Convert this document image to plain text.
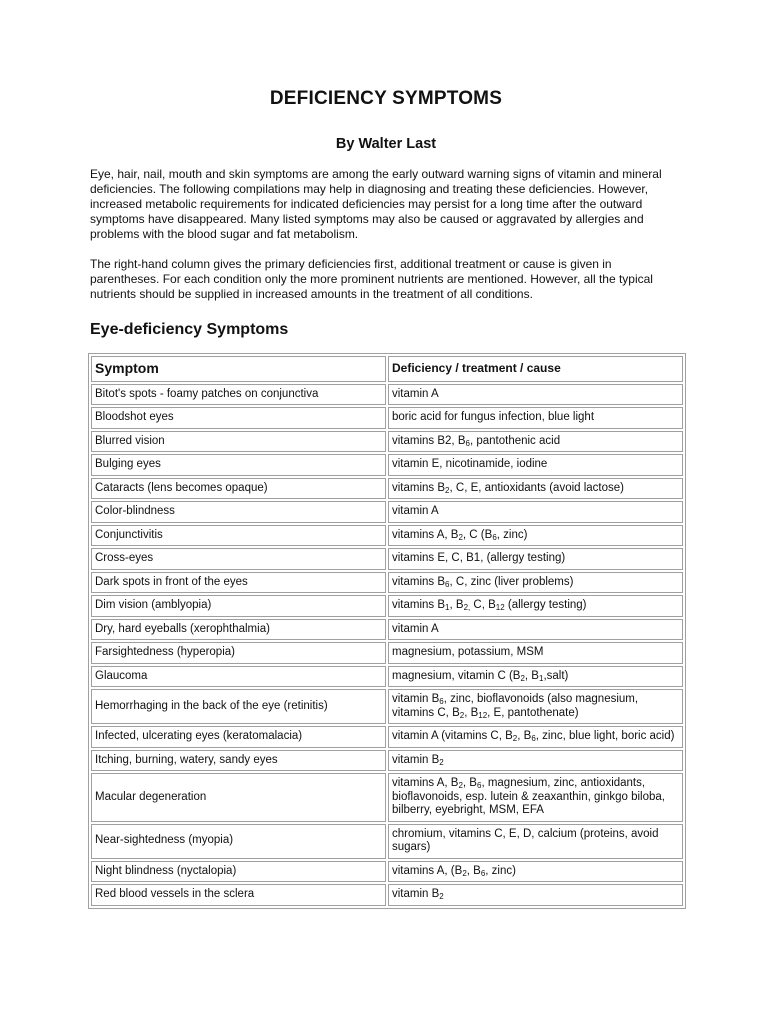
DEFICIENCY SYMPTOMS
By Walter Last

Eye, hair, nail, mouth and skin symptoms are among the early outward warning signs of vitamin and mineral deficiencies. The following compilations may help in diagnosing and treating these deficiencies. However, increased metabolic requirements for indicated deficiencies may persist for a long time after the outward symptoms have disappeared. Many listed symptoms may also be caused or aggravated by allergies and problems with the blood sugar and fat metabolism.

The right-hand column gives the primary deficiencies first, additional treatment or cause is given in parentheses. For each condition only the more prominent nutrients are mentioned. However, all the typical nutrients should be supplied in increased amounts in the treatment of all conditions.

Eye-deficiency Symptoms
Symptom	Deficiency / treatment / cause
Bitot's spots - foamy patches on conjunctiva	vitamin A
Bloodshot eyes	boric acid for fungus infection, blue light
Blurred vision	vitamins B2, $B_6$, pantothenic acid
Bulging eyes	vitamin E, nicotinamide, iodine
Cataracts (lens becomes opaque)	vitamins $B_2$, C, E, antioxidants (avoid lactose)
Color-blindness	vitamin A
Conjunctivitis	vitamins A, $B_2$, C ($B_6$, zinc)
Cross-eyes	vitamins E, C, B1, (allergy testing)
Dark spots in front of the eyes	vitamins $B_6$, C, zinc (liver problems)
Dim vision (amblyopia)	vitamins $B_1$, $B_{2,}$ C, $B_{12}$ (allergy testing)
Dry, hard eyeballs (xerophthalmia)	vitamin A
Farsightedness (hyperopia)	magnesium, potassium, MSM
Glaucoma	magnesium, vitamin C ($B_2$, $B_1,salt$)
Hemorrhaging in the back of the eye (retinitis)	vitamin $B_6$, zinc, bioflavonoids (also magnesium, vitamins C, $B_2$, $B_{12}$, E, pantothenate)
Infected, ulcerating eyes (keratomalacia)	vitamin A (vitamins C, $B_2$, $B_6$, zinc, blue light, boric acid)
Itching, burning, watery, sandy eyes	vitamin $B_2$
Macular degeneration	vitamins A, $B_2$, $B_6$, magnesium, zinc, antioxidants, bioflavonoids, esp. lutein & zeaxanthin, ginkgo biloba, bilberry, eyebright, MSM, EFA
Near-sightedness (myopia)	chromium, vitamins C, E, D, calcium (proteins, avoid sugars)
Night blindness (nyctalopia)	vitamins A, ($B_2$, $B_6$, zinc)
Red blood vessels in the sclera	vitamin $B_2$
